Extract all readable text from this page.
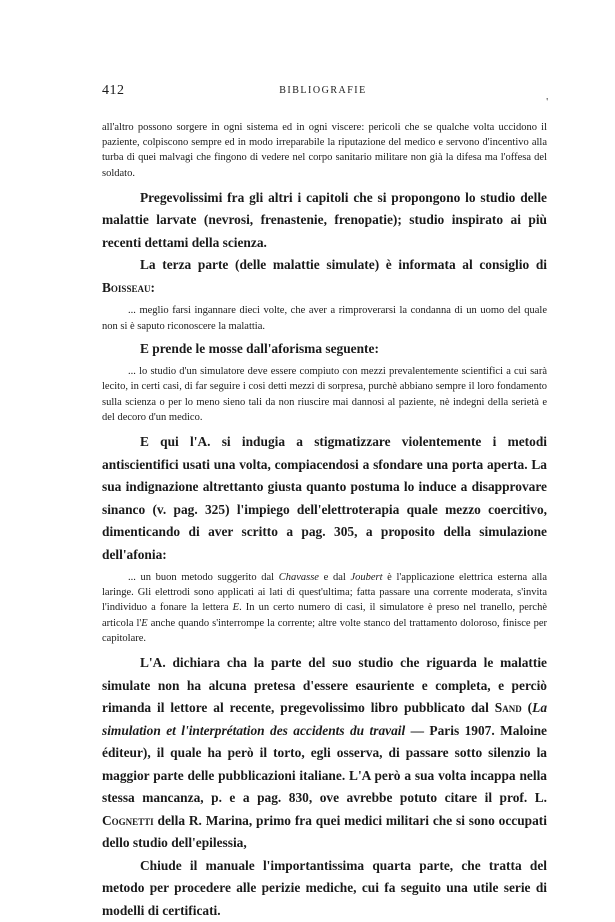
412	BIBLIOGRAFIE
'

all'altro possono sorgere in ogni sistema ed in ogni viscere: pericoli che se qualche volta uccidono il paziente, colpiscono sempre ed in modo irreparabile la riputazione del medico e servono d'incentivo alla turba di quei malvagi che fingono di vedere nel corpo sanitario militare non già la difesa ma l'offesa del soldato.

Pregevolissimi fra gli altri i capitoli che si propongono lo studio delle malattie larvate (nevrosi, frenastenie, frenopatie); studio inspirato ai più recenti dettami della scienza.

La terza parte (delle malattie simulate) è informata al consiglio di Boisseau:

... meglio farsi ingannare dieci volte, che aver a rimproverarsi la condanna di un uomo del quale non si è saputo riconoscere la malattia.

E prende le mosse dall'aforisma seguente:

... lo studio d'un simulatore deve essere compiuto con mezzi prevalentemente scientifici a cui sarà lecito, in certi casi, di far seguire i cosi detti mezzi di sorpresa, purchè abbiano sempre il loro fondamento sulla scienza o per lo meno sieno tali da non riuscire mai dannosi al paziente, nè indegni della serietà e del decoro d'un medico.

E qui l'A. si indugia a stigmatizzare violentemente i metodi antiscientifici usati una volta, compiacendosi a sfondare una porta aperta. La sua indignazione altrettanto giusta quanto postuma lo induce a disapprovare sinanco (v. pag. 325) l'impiego dell'elettroterapia quale mezzo coercitivo, dimenticando di aver scritto a pag. 305, a proposito della simulazione dell'afonia:

... un buon metodo suggerito dal Chavasse e dal Joubert è l'applicazione elettrica esterna alla laringe. Gli elettrodi sono applicati ai lati di quest'ultima; fatta passare una corrente moderata, s'invita l'individuo a fonare la lettera E. In un certo numero di casi, il simulatore è preso nel tranello, perchè articola l'E anche quando s'interrompe la corrente; altre volte stanco del trattamento doloroso, finisce per capitolare.

L'A. dichiara cha la parte del suo studio che riguarda le malattie simulate non ha alcuna pretesa d'essere esauriente e completa, e perciò rimanda il lettore al recente, pregevolissimo libro pubblicato dal Sand (La simulation et l'interprétation des accidents du travail — Paris 1907. Maloine éditeur), il quale ha però il torto, egli osserva, di passare sotto silenzio la maggior parte delle pubblicazioni italiane. L'A però a sua volta incappa nella stessa mancanza, p. e a pag. 830, ove avrebbe potuto citare il prof. L. Cognetti della R. Marina, primo fra quei medici militari che si sono occupati dello studio dell'epilessia,

Chiude il manuale l'importantissima quarta parte, che tratta del metodo per procedere alle perizie mediche, cui fa seguito una utile serie di modelli di certificati.
